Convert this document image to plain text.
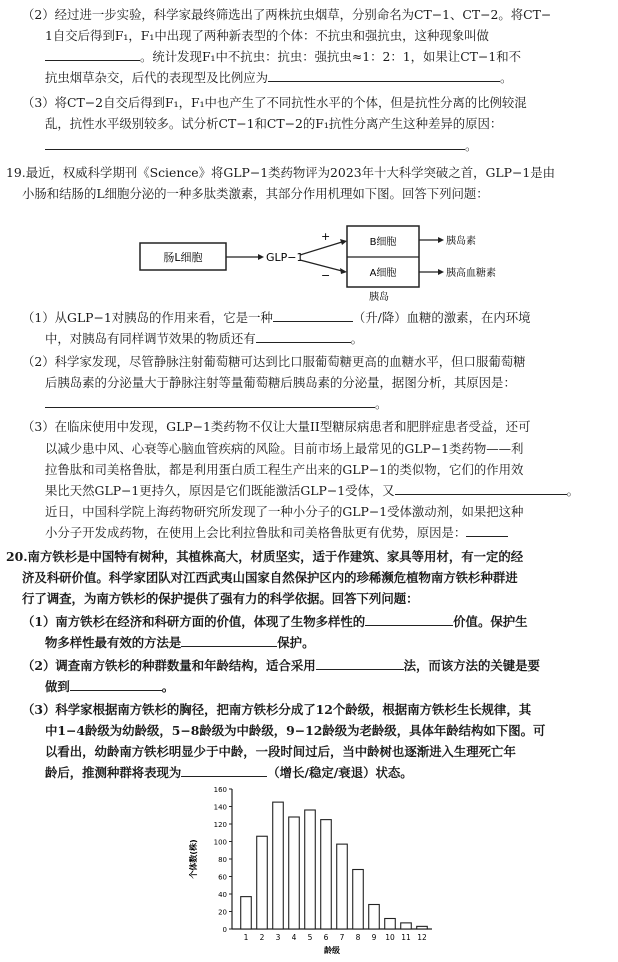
（2）经过进一步实验，科学家最终筛选出了两株抗虫烟草，分别命名为CT−1、CT−2。将CT−
1自交后得到F₁，F₁中出现了两种新表型的个体：不抗虫和强抗虫，这种现象叫做
。统计发现F₁中不抗虫：抗虫：强抗虫≈1：2：1，如果让CT−1和不
抗虫烟草杂交，后代的表现型及比例应为	。
（3）将CT−2自交后得到F₁，F₁中也产生了不同抗性水平的个体，但是抗性分离的比例较混
乱，抗性水平级别较多。试分析CT−1和CT−2的F₁抗性分离产生这种差异的原因：
。
19.最近，权威科学期刊《Science》将GLP−1类药物评为2023年十大科学突破之首，GLP−1是由
小肠和结肠的L细胞分泌的一种多肽类激素，其部分作用机理如下图。回答下列问题：
肠L细胞	GLP−1
+
−
B细胞
A细胞
胰岛
胰岛素
胰高血糖素
（1）从GLP−1对胰岛的作用来看，它是一种	（升/降）血糖的激素，在内环境
中，对胰岛有同样调节效果的物质还有	。
（2）科学家发现，尽管静脉注射葡萄糖可达到比口服葡萄糖更高的血糖水平，但口服葡萄糖
后胰岛素的分泌量大于静脉注射等量葡萄糖后胰岛素的分泌量，据图分析，其原因是：
。
（3）在临床使用中发现，GLP−1类药物不仅让大量II型糖尿病患者和肥胖症患者受益，还可
以减少患中风、心衰等心脑血管疾病的风险。目前市场上最常见的GLP−1类药物——利
拉鲁肽和司美格鲁肽，都是利用蛋白质工程生产出来的GLP−1的类似物，它们的作用效
果比天然GLP−1更持久，原因是它们既能激活GLP−1受体，又	。
近日，中国科学院上海药物研究所发现了一种小分子的GLP−1受体激动剂，如果把这种
小分子开发成药物，在使用上会比利拉鲁肽和司美格鲁肽更有优势，原因是：
20.南方铁杉是中国特有树种，其植株高大，材质坚实，适于作建筑、家具等用材，有一定的经
济及科研价值。科学家团队对江西武夷山国家自然保护区内的珍稀濒危植物南方铁杉种群进
行了调查，为南方铁杉的保护提供了强有力的科学依据。回答下列问题：
（1）南方铁杉在经济和科研方面的价值，体现了生物多样性的	价值。保护生
物多样性最有效的方法是	保护。
（2）调查南方铁杉的种群数量和年龄结构，适合采用	法，而该方法的关键是要
做到	。
（3）科学家根据南方铁杉的胸径，把南方铁杉分成了12个龄级，根据南方铁杉生长规律，其
中1−4龄级为幼龄级，5−8龄级为中龄级，9−12龄级为老龄级，具体年龄结构如下图。可
以看出，幼龄南方铁杉明显少于中龄，一段时间过后，当中龄树也逐渐进入生理死亡年
龄后，推测种群将表现为	（增长/稳定/衰退）状态。
0
20
40
60
80
100
120
140
160
个体数(株)
1 2 3 4 5 6 7 8 9 10 11 12
龄级
